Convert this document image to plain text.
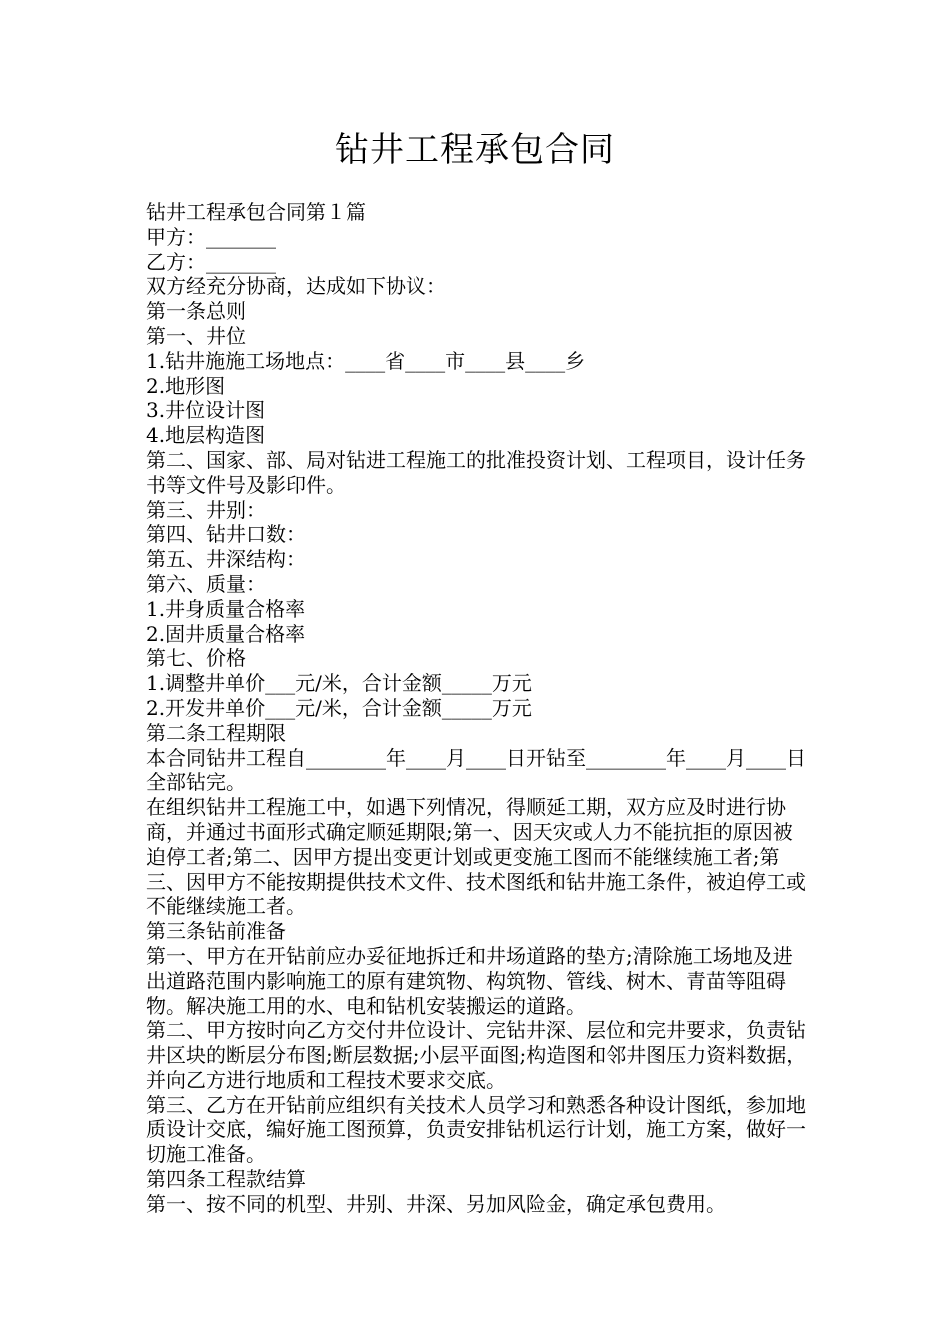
钻井工程承包合同

钻井工程承包合同第１篇

甲方：_______

乙方：_______

双方经充分协商，达成如下协议：

第一条总则

第一、井位

1.钻井施施工场地点：____省____市____县____乡

2.地形图

3.井位设计图

4.地层构造图

第二、国家、部、局对钻进工程施工的批准投资计划、工程项目，设计任务书等文件号及影印件。

第三、井别：

第四、钻井口数：

第五、井深结构：

第六、质量：

1.井身质量合格率

2.固井质量合格率

第七、价格

1.调整井单价___元/米，合计金额_____万元

2.开发井单价___元/米，合计金额_____万元

第二条工程期限

本合同钻井工程自________年____月____日开钻至________年____月____日全部钻完。

在组织钻井工程施工中，如遇下列情况，得顺延工期，双方应及时进行协商，并通过书面形式确定顺延期限;第一、因天灾或人力不能抗拒的原因被迫停工者;第二、因甲方提出变更计划或更变施工图而不能继续施工者;第三、因甲方不能按期提供技术文件、技术图纸和钻井施工条件，被迫停工或不能继续施工者。

第三条钻前准备

第一、甲方在开钻前应办妥征地拆迁和井场道路的垫方;清除施工场地及进出道路范围内影响施工的原有建筑物、构筑物、管线、树木、青苗等阻碍物。解决施工用的水、电和钻机安装搬运的道路。

第二、甲方按时向乙方交付井位设计、完钻井深、层位和完井要求，负责钻井区块的断层分布图;断层数据;小层平面图;构造图和邻井图压力资料数据，并向乙方进行地质和工程技术要求交底。

第三、乙方在开钻前应组织有关技术人员学习和熟悉各种设计图纸，参加地质设计交底，编好施工图预算，负责安排钻机运行计划，施工方案，做好一切施工准备。

第四条工程款结算

第一、按不同的机型、井别、井深、另加风险金，确定承包费用。
